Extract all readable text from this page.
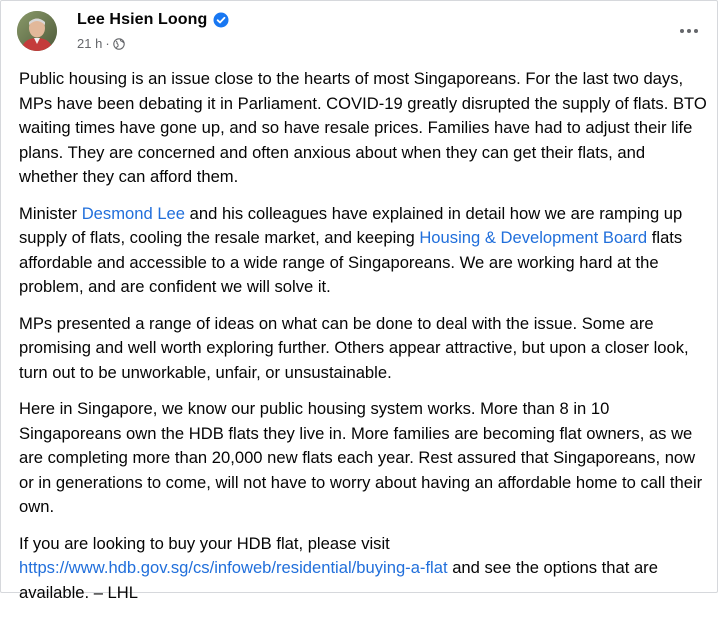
Lee Hsien Loong
21 h ·

Public housing is an issue close to the hearts of most Singaporeans. For the last two days, MPs have been debating it in Parliament. COVID-19 greatly disrupted the supply of flats. BTO waiting times have gone up, and so have resale prices. Families have had to adjust their life plans. They are concerned and often anxious about when they can get their flats, and whether they can afford them.

Minister Desmond Lee and his colleagues have explained in detail how we are ramping up supply of flats, cooling the resale market, and keeping Housing & Development Board flats affordable and accessible to a wide range of Singaporeans. We are working hard at the problem, and are confident we will solve it.

MPs presented a range of ideas on what can be done to deal with the issue. Some are promising and well worth exploring further. Others appear attractive, but upon a closer look, turn out to be unworkable, unfair, or unsustainable.

Here in Singapore, we know our public housing system works. More than 8 in 10 Singaporeans own the HDB flats they live in. More families are becoming flat owners, as we are completing more than 20,000 new flats each year. Rest assured that Singaporeans, now or in generations to come, will not have to worry about having an affordable home to call their own.

If you are looking to buy your HDB flat, please visit https://www.hdb.gov.sg/cs/infoweb/residential/buying-a-flat and see the options that are available. – LHL
